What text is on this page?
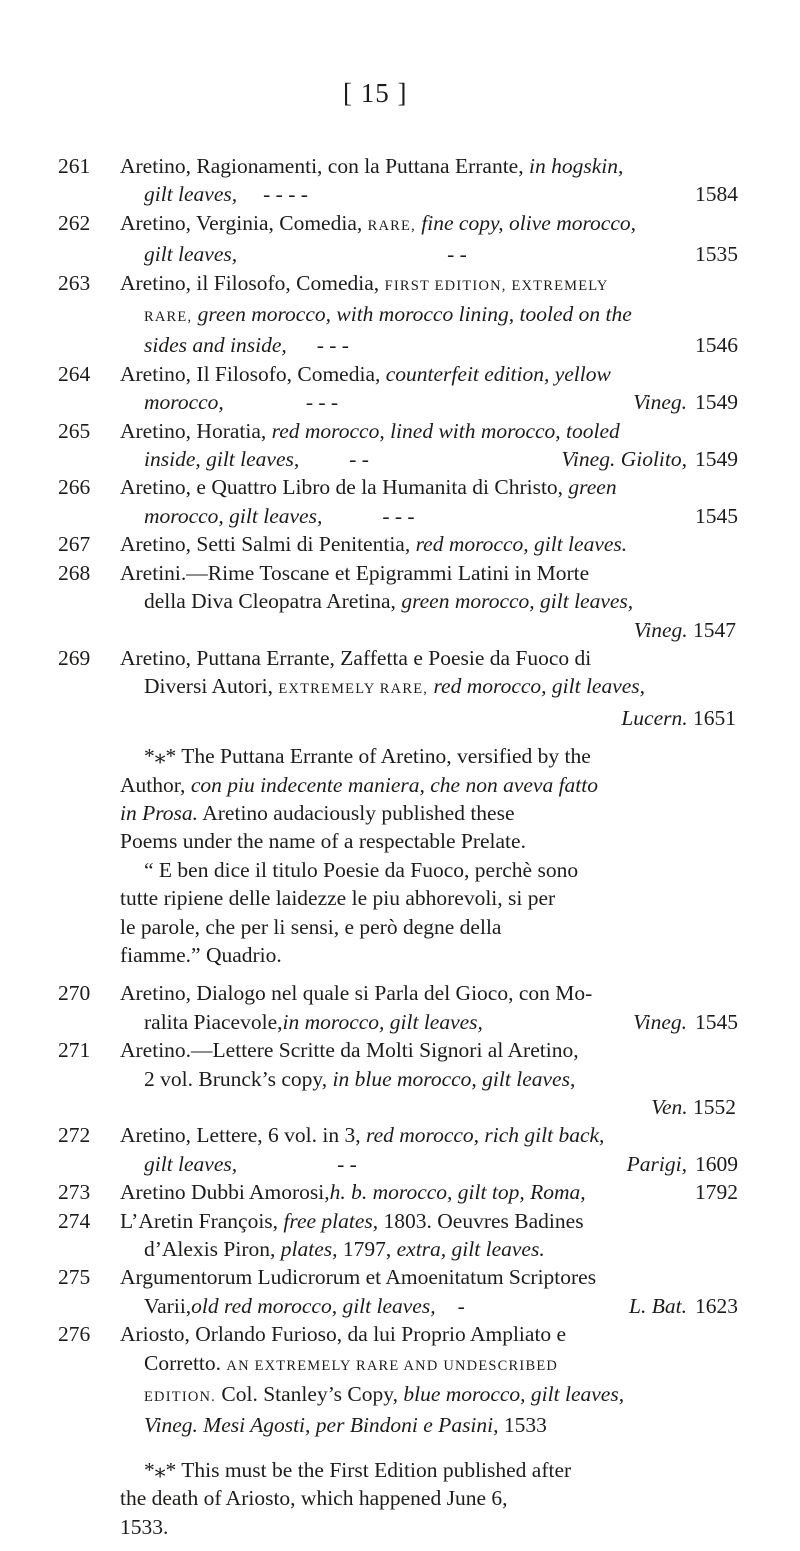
[ 15 ]
261	Aretino, Ragionamenti, con la Puttana Errante, in hogskin,
gilt leaves, - - - -	1584
262	Aretino, Verginia, Comedia, RARE, fine copy, olive morocco,
gilt leaves,	- -	1535
263	Aretino, il Filosofo, Comedia, FIRST EDITION, EXTREMELY
RARE, green morocco, with morocco lining, tooled on the
sides and inside, - - -	1546
264	Aretino, Il Filosofo, Comedia, counterfeit edition, yellow
morocco,	- - -	Vineg. 1549
265	Aretino, Horatia, red morocco, lined with morocco, tooled
inside, gilt leaves, - -	Vineg. Giolito, 1549
266	Aretino, e Quattro Libro de la Humanita di Christo, green
morocco, gilt leaves,	- - -	1545
267	Aretino, Setti Salmi di Penitentia, red morocco, gilt leaves.
268	Aretini.—Rime Toscane et Epigrammi Latini in Morte
della Diva Cleopatra Aretina, green morocco, gilt leaves,
Vineg. 1547
269	Aretino, Puttana Errante, Zaffetta e Poesie da Fuoco di
Diversi Autori, EXTREMELY RARE, red morocco, gilt leaves,
Lucern. 1651
*⁎* The Puttana Errante of Aretino, versified by the
Author, con piu indecente maniera, che non aveva fatto
in Prosa. Aretino audaciously published these
Poems under the name of a respectable Prelate.
“ E ben dice il titulo Poesie da Fuoco, perchè sono
tutte ripiene delle laidezze le piu abhorevoli, si per
le parole, che per li sensi, e però degne della
fiamme.” Quadrio.
270	Aretino, Dialogo nel quale si Parla del Gioco, con Mo-
ralita Piacevole, in morocco, gilt leaves,	Vineg. 1545
271	Aretino.—Lettere Scritte da Molti Signori al Aretino,
2 vol. Brunck’s copy, in blue morocco, gilt leaves,
Ven. 1552
272	Aretino, Lettere, 6 vol. in 3, red morocco, rich gilt back,
gilt leaves,	- -	Parigi, 1609
273	Aretino Dubbi Amorosi, h. b. morocco, gilt top, Roma,	1792
274	L’Aretin François, free plates, 1803. Oeuvres Badines
d’Alexis Piron, plates, 1797, extra, gilt leaves.
275	Argumentorum Ludicrorum et Amoenitatum Scriptores
Varii, old red morocco, gilt leaves, -	L. Bat. 1623
276	Ariosto, Orlando Furioso, da lui Proprio Ampliato e
Corretto. AN EXTREMELY RARE AND UNDESCRIBED
EDITION. Col. Stanley’s Copy, blue morocco, gilt leaves,
Vineg. Mesi Agosti, per Bindoni e Pasini, 1533
*⁎* This must be the First Edition published after
the death of Ariosto, which happened June 6,
1533.
